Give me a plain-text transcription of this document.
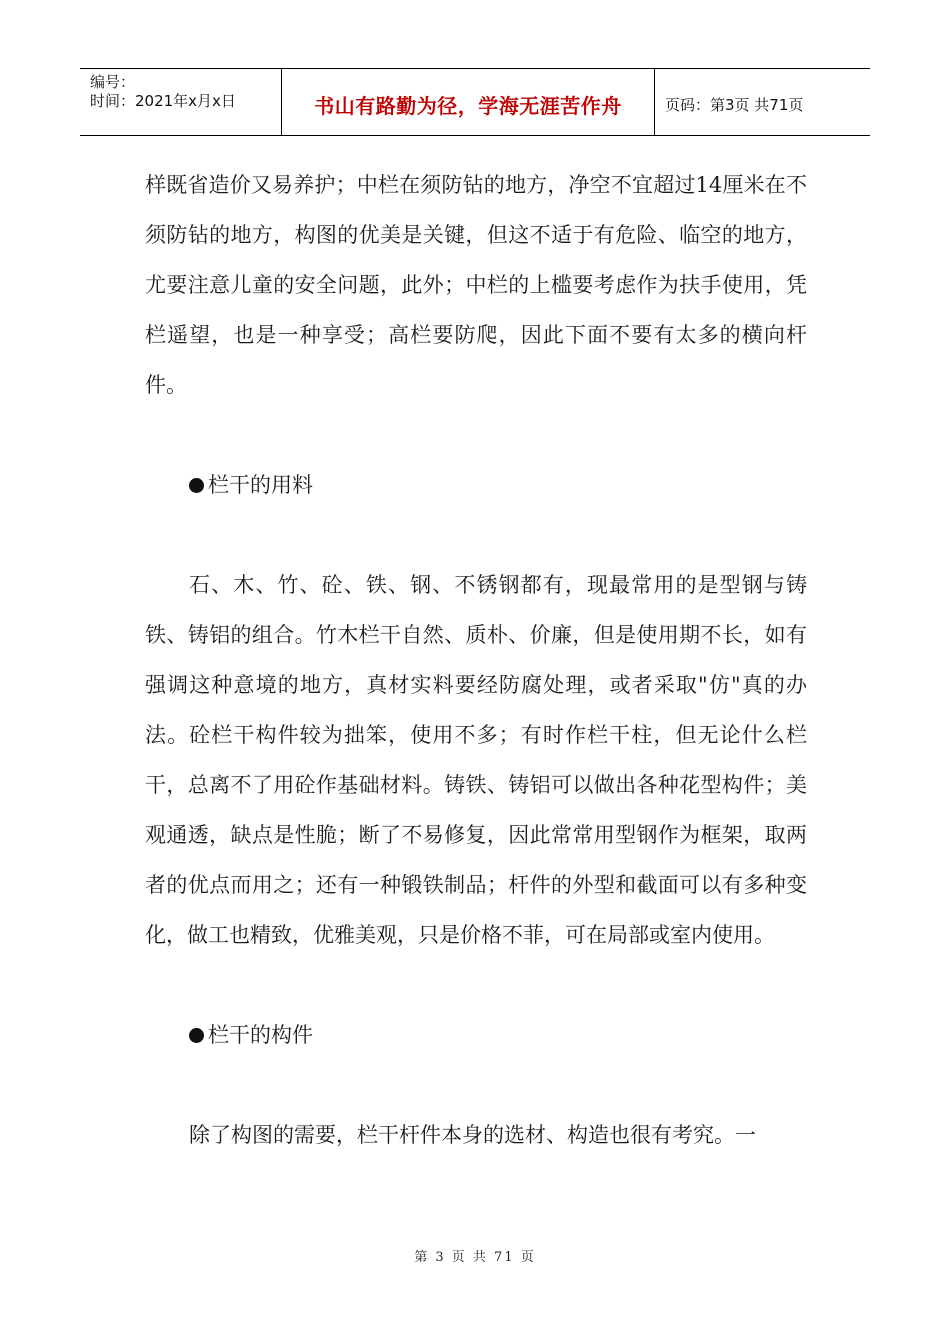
编号：
时间：2021年x月x日	书山有路勤为径，学海无涯苦作舟	页码：第3页 共71页

样既省造价又易养护；中栏在须防钻的地方，净空不宜超过14厘米在不须防钻的地方，构图的优美是关键，但这不适于有危险、临空的地方，尤要注意儿童的安全问题，此外；中栏的上槛要考虑作为扶手使用，凭栏遥望，也是一种享受；高栏要防爬，因此下面不要有太多的横向杆件。

栏干的用料

石、木、竹、砼、铁、钢、不锈钢都有，现最常用的是型钢与铸铁、铸铝的组合。竹木栏干自然、质朴、价廉，但是使用期不长，如有强调这种意境的地方，真材实料要经防腐处理，或者采取"仿"真的办法。砼栏干构件较为拙笨，使用不多；有时作栏干柱，但无论什么栏干，总离不了用砼作基础材料。铸铁、铸铝可以做出各种花型构件；美观通透，缺点是性脆；断了不易修复，因此常常用型钢作为框架，取两者的优点而用之；还有一种锻铁制品；杆件的外型和截面可以有多种变化，做工也精致，优雅美观，只是价格不菲，可在局部或室内使用。

栏干的构件

除了构图的需要，栏干杆件本身的选材、构造也很有考究。一

第 3 页 共 71 页
